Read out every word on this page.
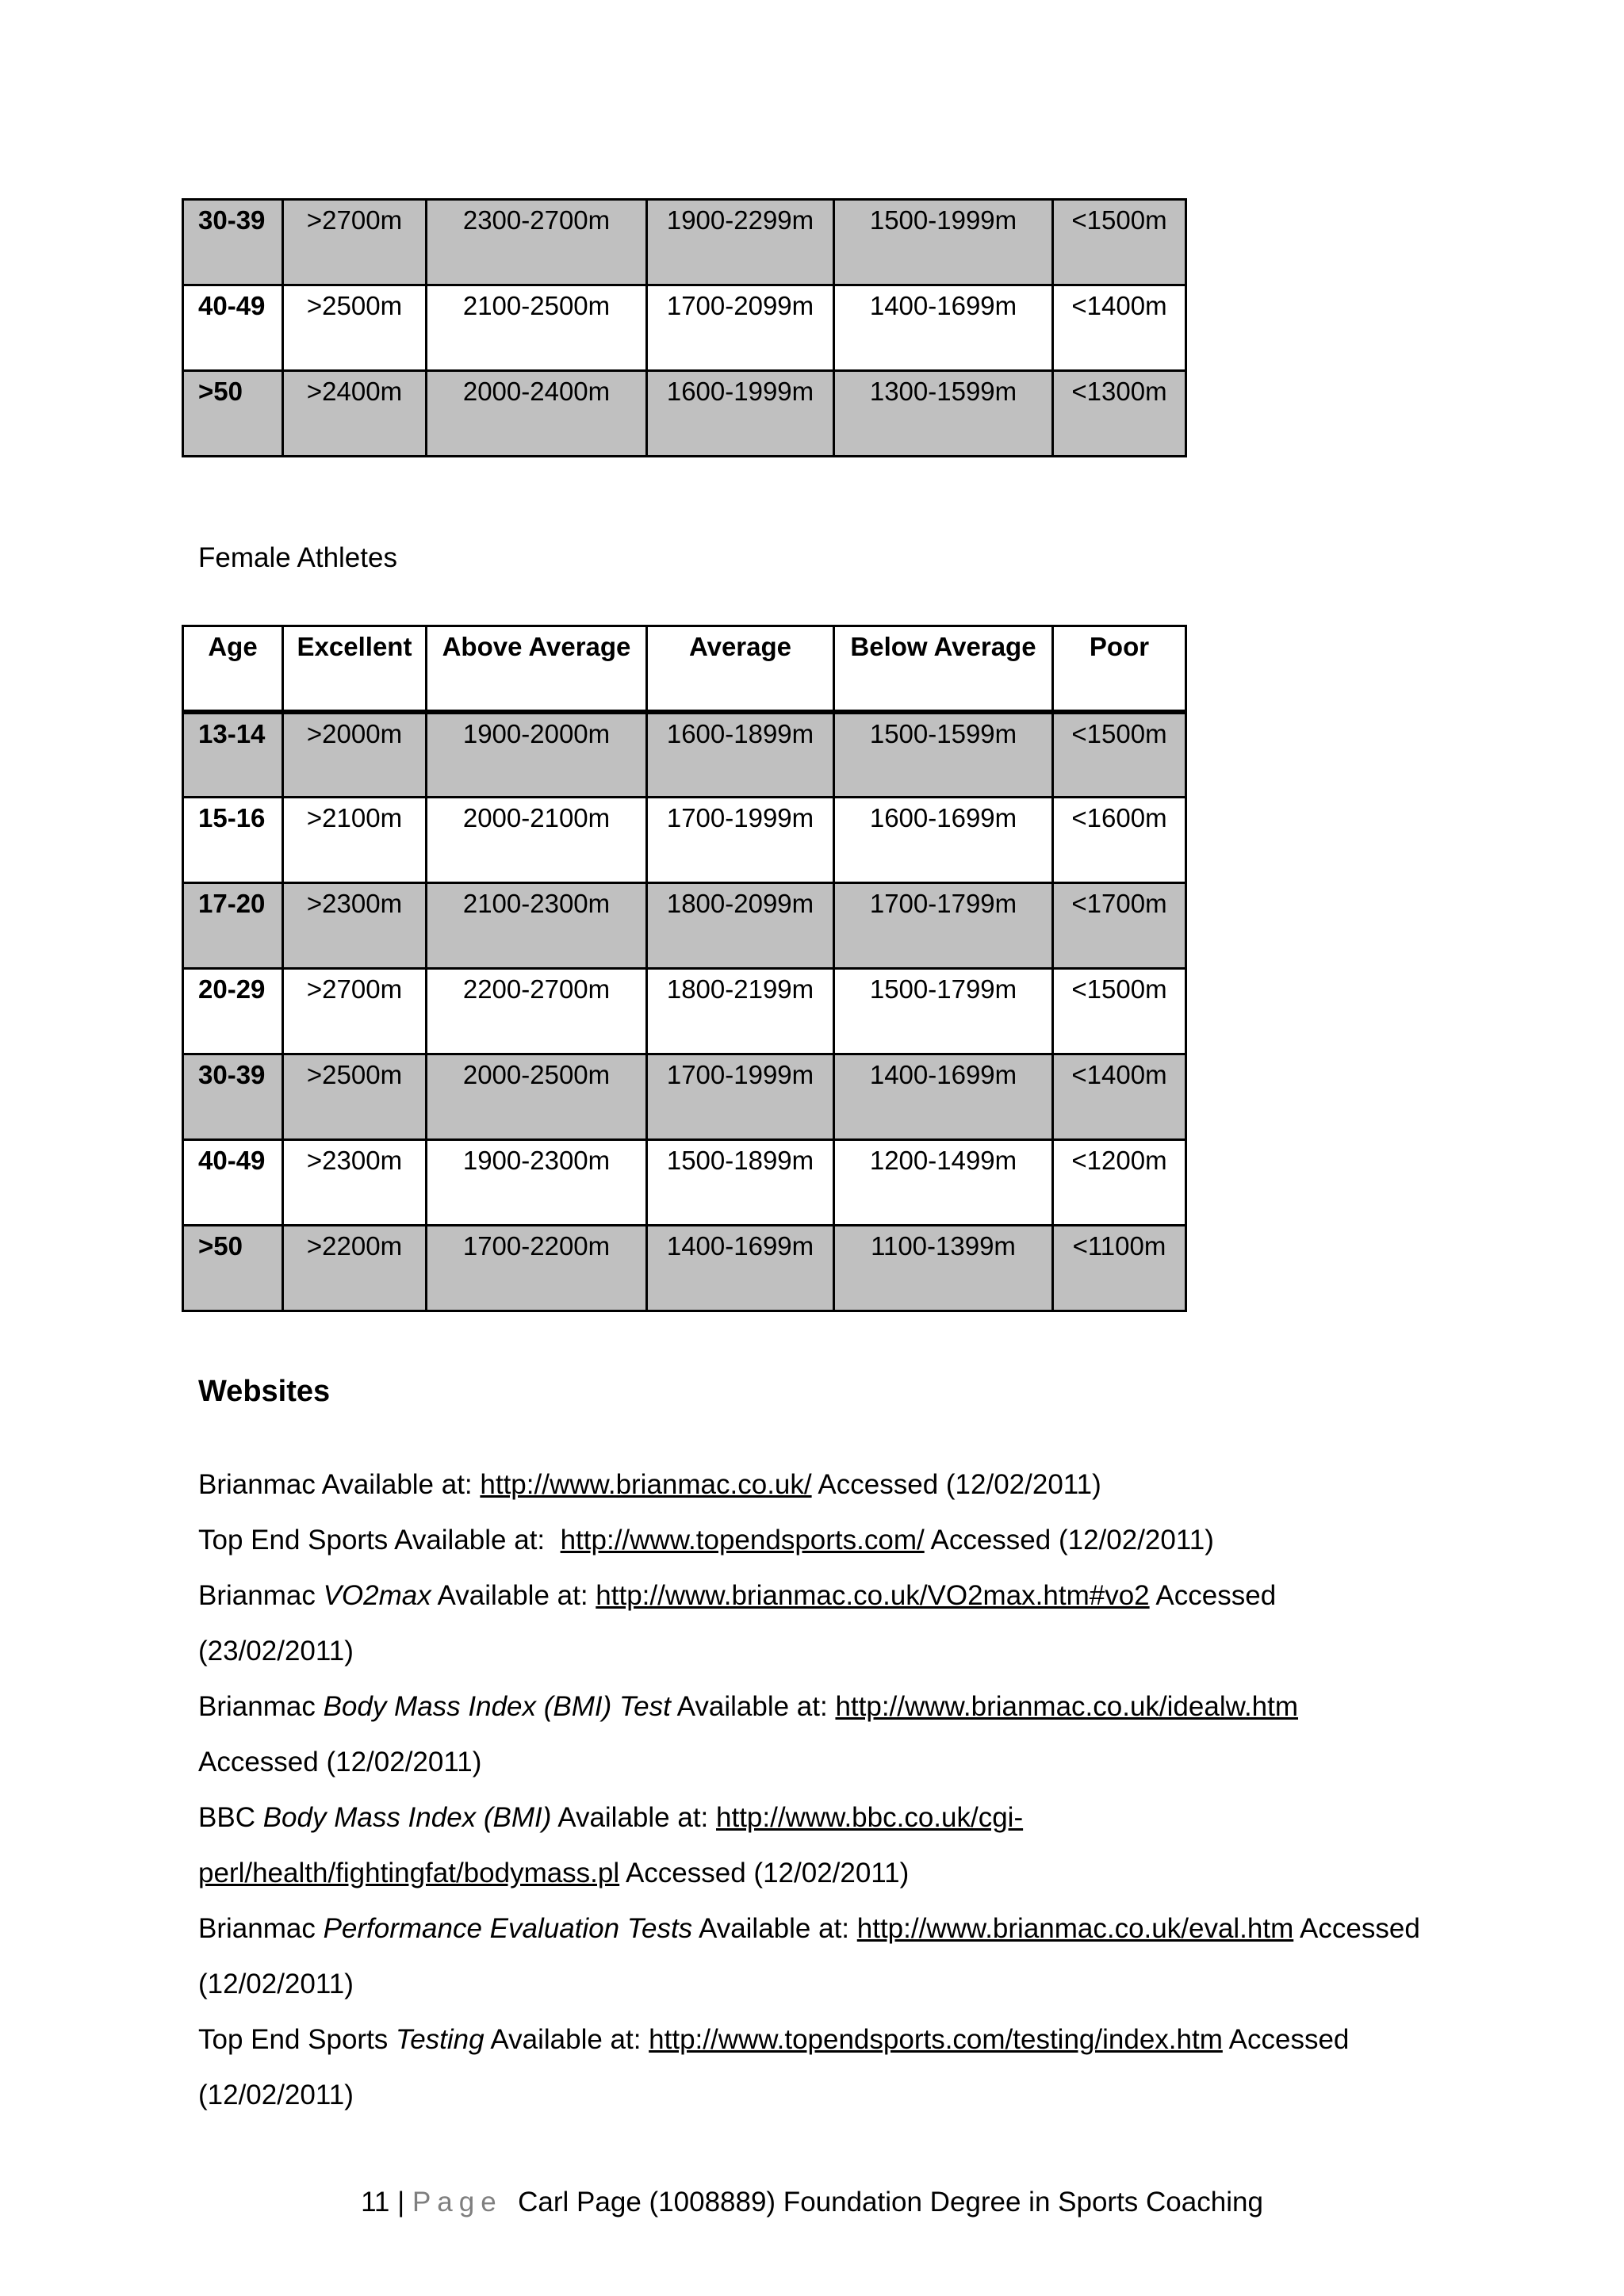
30-39	>2700m	2300-2700m	1900-2299m	1500-1999m	<1500m
40-49	>2500m	2100-2500m	1700-2099m	1400-1699m	<1400m
>50	>2400m	2000-2400m	1600-1999m	1300-1599m	<1300m
Female Athletes
Age	Excellent	Above Average	Average	Below Average	Poor
13-14	>2000m	1900-2000m	1600-1899m	1500-1599m	<1500m
15-16	>2100m	2000-2100m	1700-1999m	1600-1699m	<1600m
17-20	>2300m	2100-2300m	1800-2099m	1700-1799m	<1700m
20-29	>2700m	2200-2700m	1800-2199m	1500-1799m	<1500m
30-39	>2500m	2000-2500m	1700-1999m	1400-1699m	<1400m
40-49	>2300m	1900-2300m	1500-1899m	1200-1499m	<1200m
>50	>2200m	1700-2200m	1400-1699m	1100-1399m	<1100m
Websites
Brianmac Available at: http://www.brianmac.co.uk/ Accessed (12/02/2011)
Top End Sports Available at:  http://www.topendsports.com/ Accessed (12/02/2011)
Brianmac VO2max Available at: http://www.brianmac.co.uk/VO2max.htm#vo2 Accessed
(23/02/2011)
Brianmac Body Mass Index (BMI) Test Available at: http://www.brianmac.co.uk/idealw.htm
Accessed (12/02/2011)
BBC Body Mass Index (BMI) Available at: http://www.bbc.co.uk/cgi-
perl/health/fightingfat/bodymass.pl Accessed (12/02/2011)
Brianmac Performance Evaluation Tests Available at: http://www.brianmac.co.uk/eval.htm Accessed
(12/02/2011)
Top End Sports Testing Available at: http://www.topendsports.com/testing/index.htm Accessed
(12/02/2011)
11 | Page Carl Page (1008889) Foundation Degree in Sports Coaching
